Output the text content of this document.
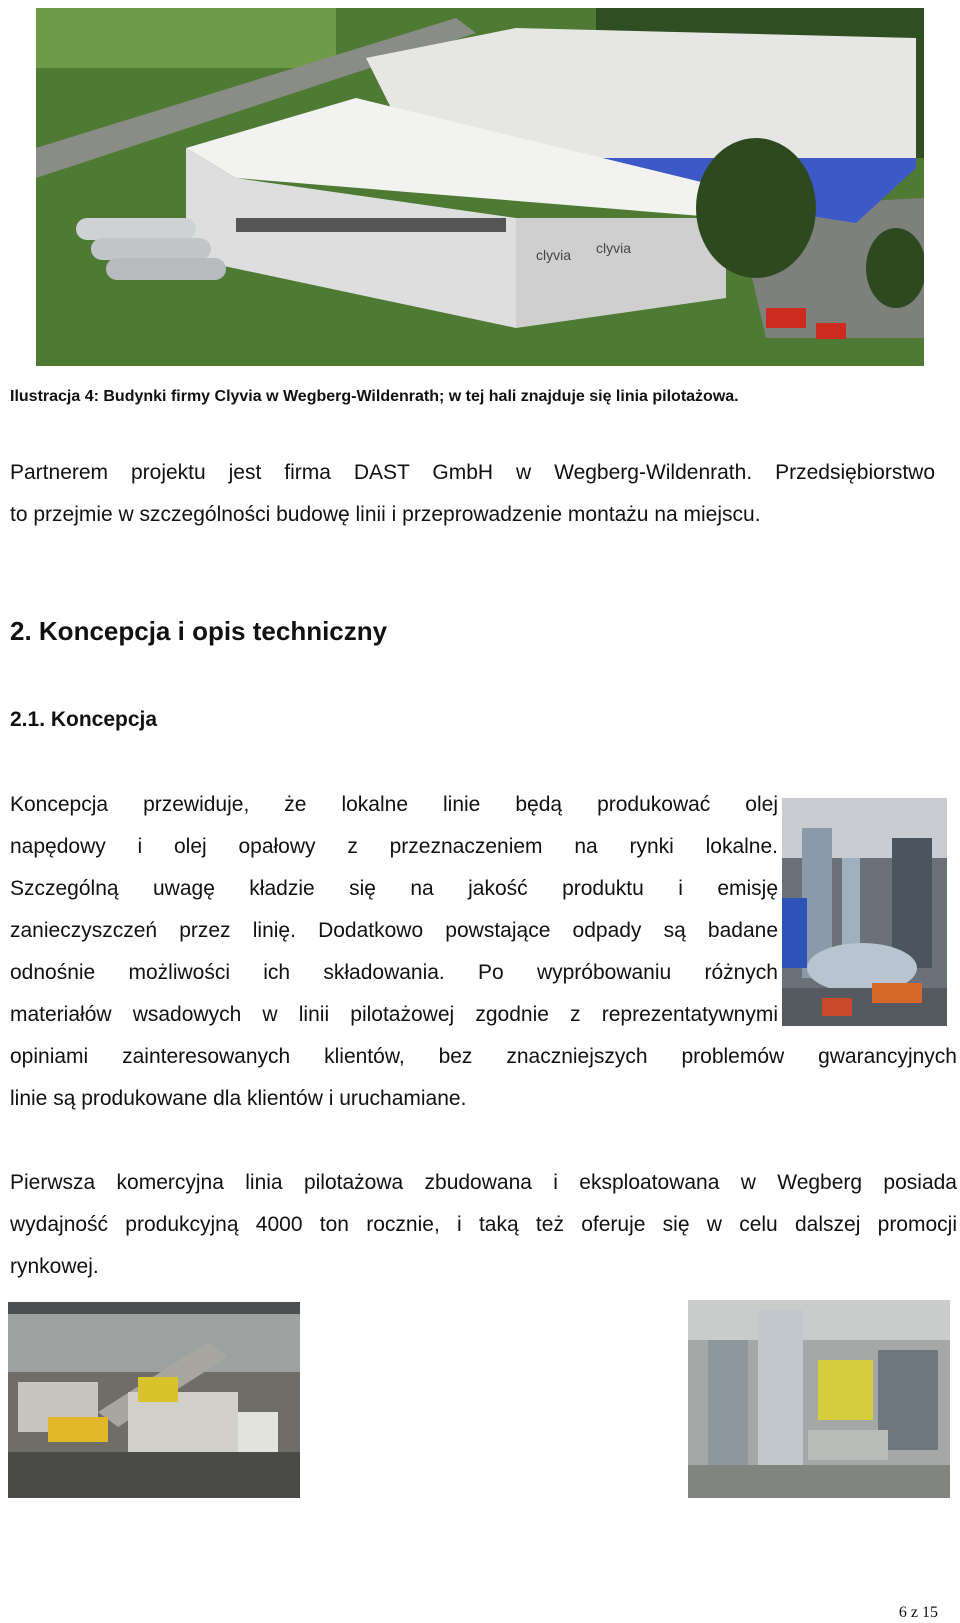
clyvia clyvia
Ilustracja 4: Budynki firmy Clyvia w Wegberg-Wildenrath; w tej hali znajduje się linia pilotażowa.
Partnerem projektu jest firma DAST GmbH w Wegberg-Wildenrath. Przedsiębiorstwo
to przejmie w szczególności budowę linii i przeprowadzenie montażu na miejscu.
2. Koncepcja i opis techniczny
2.1. Koncepcja
Koncepcja przewiduje, że lokalne linie będą produkować olej
napędowy i olej opałowy z przeznaczeniem na rynki lokalne.
Szczególną uwagę kładzie się na jakość produktu i emisję
zanieczyszczeń przez linię. Dodatkowo powstające odpady są badane
odnośnie możliwości ich składowania. Po wypróbowaniu różnych
materiałów wsadowych w linii pilotażowej zgodnie z reprezentatywnymi
opiniami zainteresowanych klientów, bez znaczniejszych problemów gwarancyjnych
linie są produkowane dla klientów i uruchamiane.
Pierwsza komercyjna linia pilotażowa zbudowana i eksploatowana w Wegberg posiada
wydajność produkcyjną 4000 ton rocznie, i taką też oferuje się w celu dalszej promocji
rynkowej.
6 z 15
